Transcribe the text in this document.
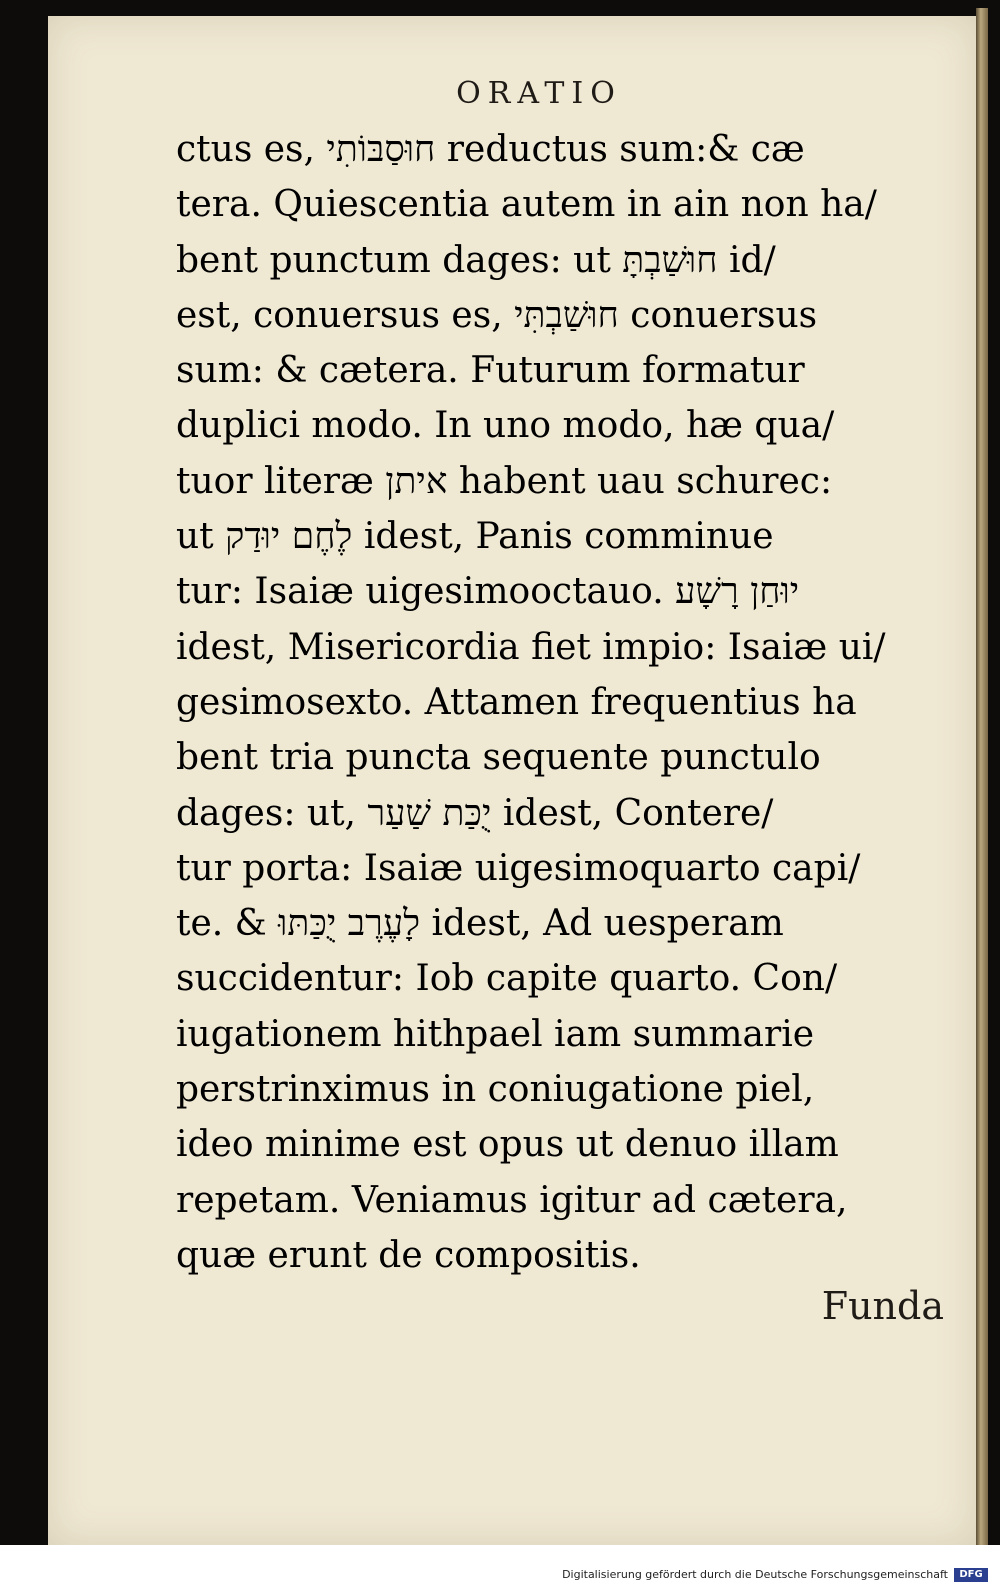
ORATIO
ctus es, חוּסַבּוֹתִי reductus sum:& cæ
tera. Quiescentia autem in ain non ha/
bent punctum dages: ut חוּשַׁבְתָּ id/
est, conuersus es, חוּשַׁבְתִּי conuersus
sum: & cætera. Futurum formatur
duplici modo. In uno modo, hæ qua/
tuor literæ איתן habent uau schurec:
ut לֶחֶם יוּדַק idest, Panis comminue
tur: Isaiæ uigesimooctauo. יוּחַן רָשָׁע
idest, Misericordia fiet impio: Isaiæ ui/
gesimosexto. Attamen frequentius ha
bent tria puncta sequente punctulo
dages: ut, יֻכַּת שַׁעַר idest, Contere/
tur porta: Isaiæ uigesimoquarto capi/
te. & לָעֶרֶב יֻכַּתּוּ idest, Ad uesperam
succidentur: Iob capite quarto. Con/
iugationem hithpael iam summarie
perstrinximus in coniugatione piel,
ideo minime est opus ut denuo illam
repetam. Veniamus igitur ad cætera,
quæ erunt de compositis.
Funda
Digitalisierung gefördert durch die Deutsche Forschungsgemeinschaft	DFG
